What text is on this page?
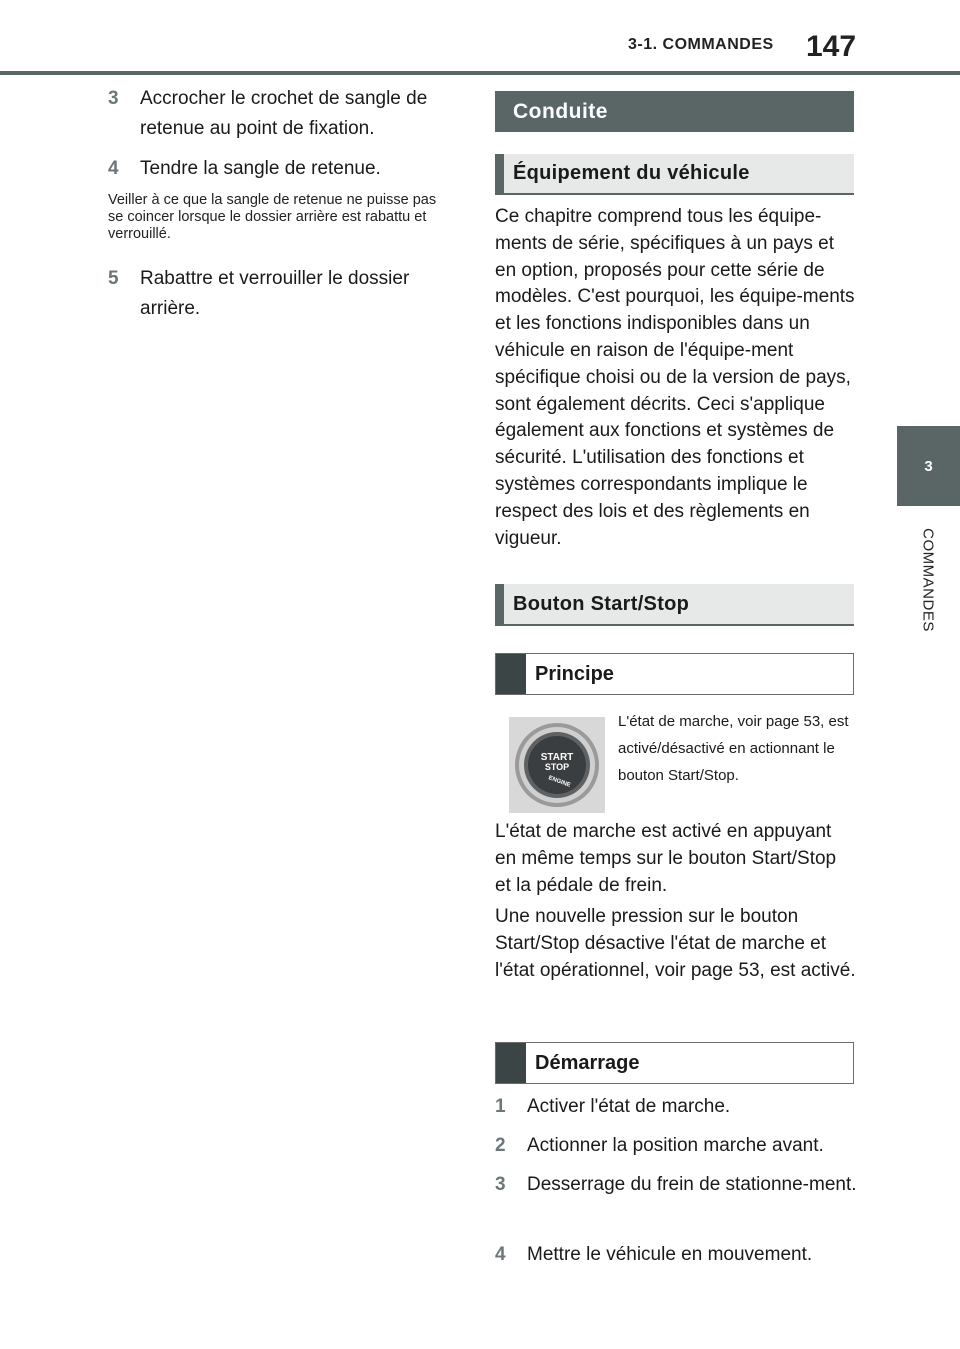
3-1. COMMANDES 147
3
COMMANDES
3	Accrocher le crochet de sangle de retenue au point de fixation.
4	Tendre la sangle de retenue.
Veiller à ce que la sangle de retenue ne puisse pas se coincer lorsque le dossier arrière est rabattu et verrouillé.
5	Rabattre et verrouiller le dossier arrière.
Conduite
Équipement du véhicule
Ce chapitre comprend tous les équipe-ments de série, spécifiques à un pays et en option, proposés pour cette série de modèles. C'est pourquoi, les équipe-ments et les fonctions indisponibles dans un véhicule en raison de l'équipe-ment spécifique choisi ou de la version de pays, sont également décrits. Ceci s'applique également aux fonctions et systèmes de sécurité. L'utilisation des fonctions et systèmes correspondants implique le respect des lois et des règlements en vigueur.
Bouton Start/Stop
Principe
START
STOP
ENGINE
L'état de marche, voir page 53, est activé/désactivé en actionnant le bouton Start/Stop.
L'état de marche est activé en appuyant en même temps sur le bouton Start/Stop et la pédale de frein.
Une nouvelle pression sur le bouton Start/Stop désactive l'état de marche et l'état opérationnel, voir page 53, est activé.
Démarrage
1	Activer l'état de marche.
2	Actionner la position marche avant.
3	Desserrage du frein de stationne-ment.
4	Mettre le véhicule en mouvement.
